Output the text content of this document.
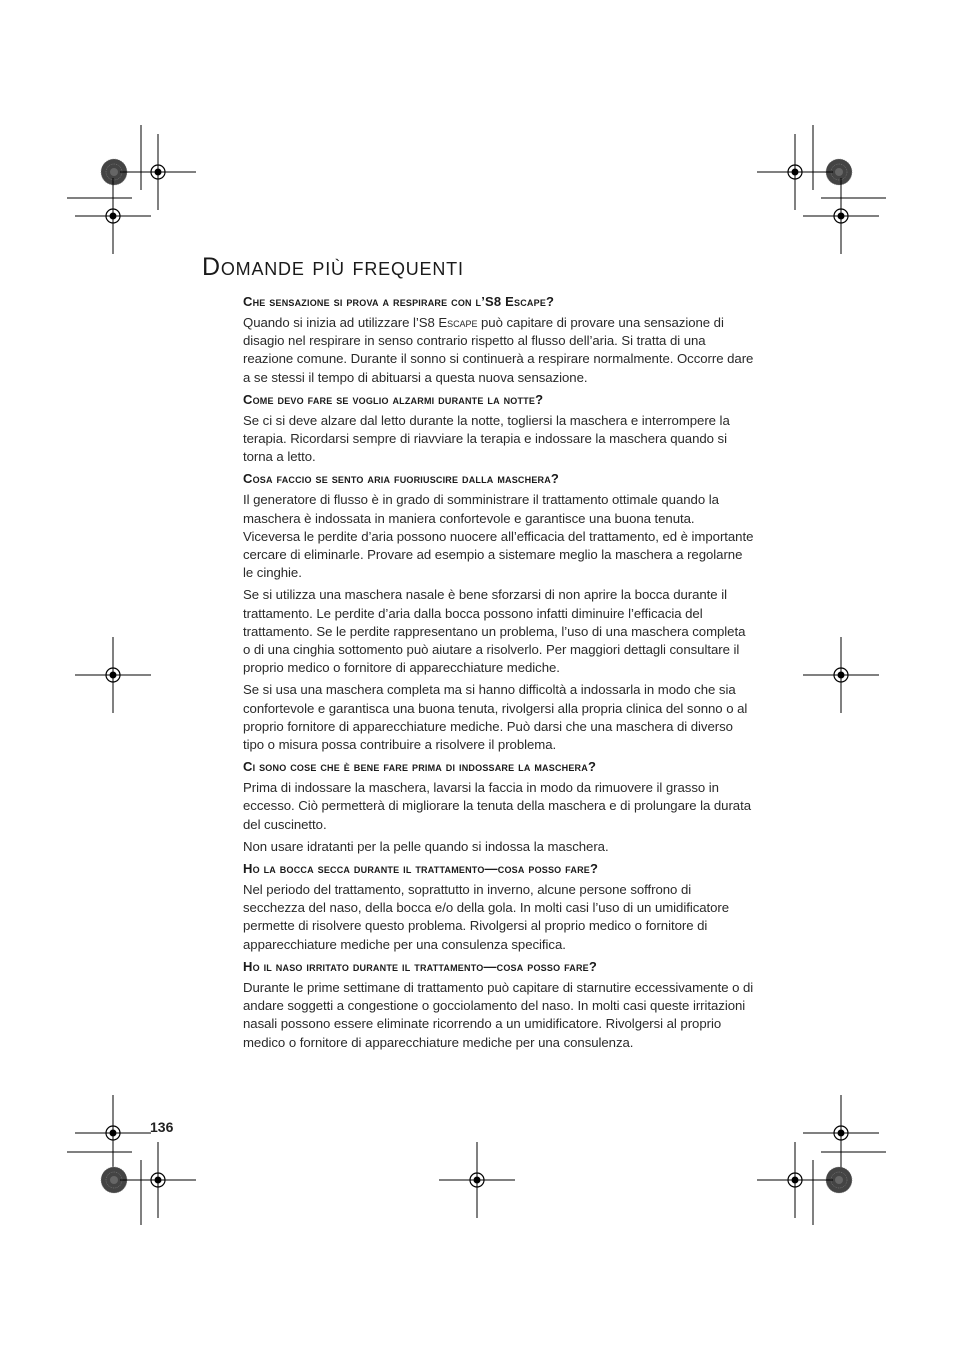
Domande più frequenti
Che sensazione si prova a respirare con l’S8 Escape?

Quando si inizia ad utilizzare l’S8 Escape può capitare di provare una sensazione di disagio nel respirare in senso contrario rispetto al flusso dell’aria. Si tratta di una reazione comune. Durante il sonno si continuerà a respirare normalmente. Occorre dare a se stessi il tempo di abituarsi a questa nuova sensazione.

Come devo fare se voglio alzarmi durante la notte?

Se ci si deve alzare dal letto durante la notte, togliersi la maschera e interrompere la terapia. Ricordarsi sempre di riavviare la terapia e indossare la maschera quando si torna a letto.

Cosa faccio se sento aria fuoriuscire dalla maschera?

Il generatore di flusso è in grado di somministrare il trattamento ottimale quando la maschera è indossata in maniera confortevole e garantisce una buona tenuta. Viceversa le perdite d’aria possono nuocere all’efficacia del trattamento, ed è importante cercare di eliminarle. Provare ad esempio a sistemare meglio la maschera a regolarne le cinghie.

Se si utilizza una maschera nasale è bene sforzarsi di non aprire la bocca durante il trattamento. Le perdite d’aria dalla bocca possono infatti diminuire l’efficacia del trattamento. Se le perdite rappresentano un problema, l’uso di una maschera completa o di una cinghia sottomento può aiutare a risolverlo. Per maggiori dettagli consultare il proprio medico o fornitore di apparecchiature mediche.

Se si usa una maschera completa ma si hanno difficoltà a indossarla in modo che sia confortevole e garantisca una buona tenuta, rivolgersi alla propria clinica del sonno o al proprio fornitore di apparecchiature mediche. Può darsi che una maschera di diverso tipo o misura possa contribuire a risolvere il problema.

Ci sono cose che è bene fare prima di indossare la maschera?

Prima di indossare la maschera, lavarsi la faccia in modo da rimuovere il grasso in eccesso. Ciò permetterà di migliorare la tenuta della maschera e di prolungare la durata del cuscinetto.

Non usare idratanti per la pelle quando si indossa la maschera.

Ho la bocca secca durante il trattamento—cosa posso fare?

Nel periodo del trattamento, soprattutto in inverno, alcune persone soffrono di secchezza del naso, della bocca e/o della gola. In molti casi l’uso di un umidificatore permette di risolvere questo problema. Rivolgersi al proprio medico o fornitore di apparecchiature mediche per una consulenza specifica.

Ho il naso irritato durante il trattamento—cosa posso fare?

Durante le prime settimane di trattamento può capitare di starnutire eccessivamente o di andare soggetti a congestione o gocciolamento del naso. In molti casi queste irritazioni nasali possono essere eliminate ricorrendo a un umidificatore. Rivolgersi al proprio medico o fornitore di apparecchiature mediche per una consulenza.

136
